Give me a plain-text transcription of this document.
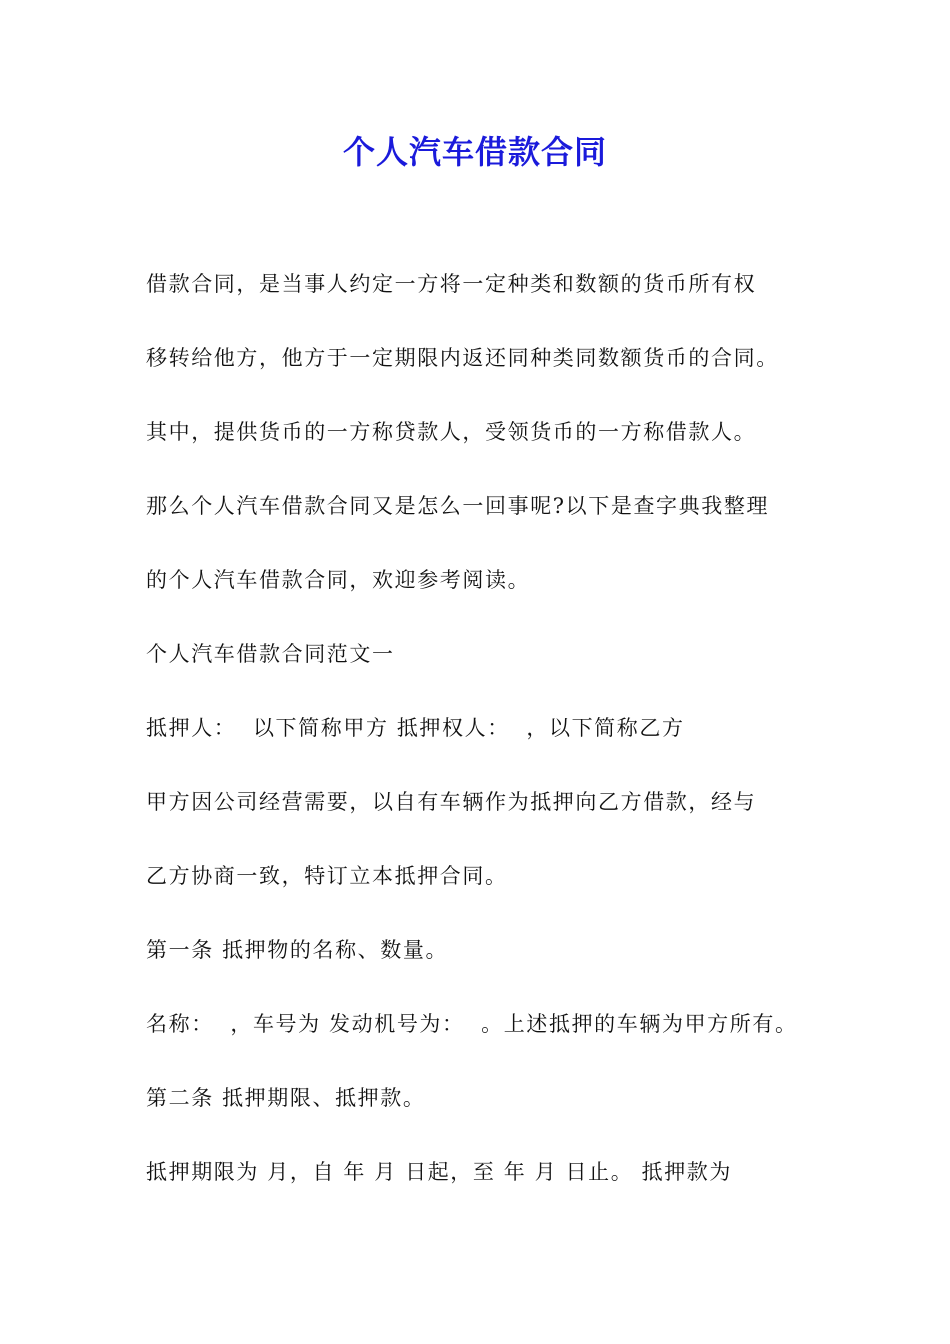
个人汽车借款合同
借款合同，是当事人约定一方将一定种类和数额的货币所有权
移转给他方，他方于一定期限内返还同种类同数额货币的合同。
其中，提供货币的一方称贷款人，受领货币的一方称借款人。
那么个人汽车借款合同又是怎么一回事呢?以下是查字典我整理
的个人汽车借款合同，欢迎参考阅读。
个人汽车借款合同范文一
抵押人：  以下简称甲方 抵押权人：  ，以下简称乙方
甲方因公司经营需要，以自有车辆作为抵押向乙方借款，经与
乙方协商一致，特订立本抵押合同。
第一条 抵押物的名称、数量。
名称：  ，车号为 发动机号为：  。上述抵押的车辆为甲方所有。
第二条 抵押期限、抵押款。
抵押期限为 月，自 年 月 日起，至 年 月 日止。 抵押款为
